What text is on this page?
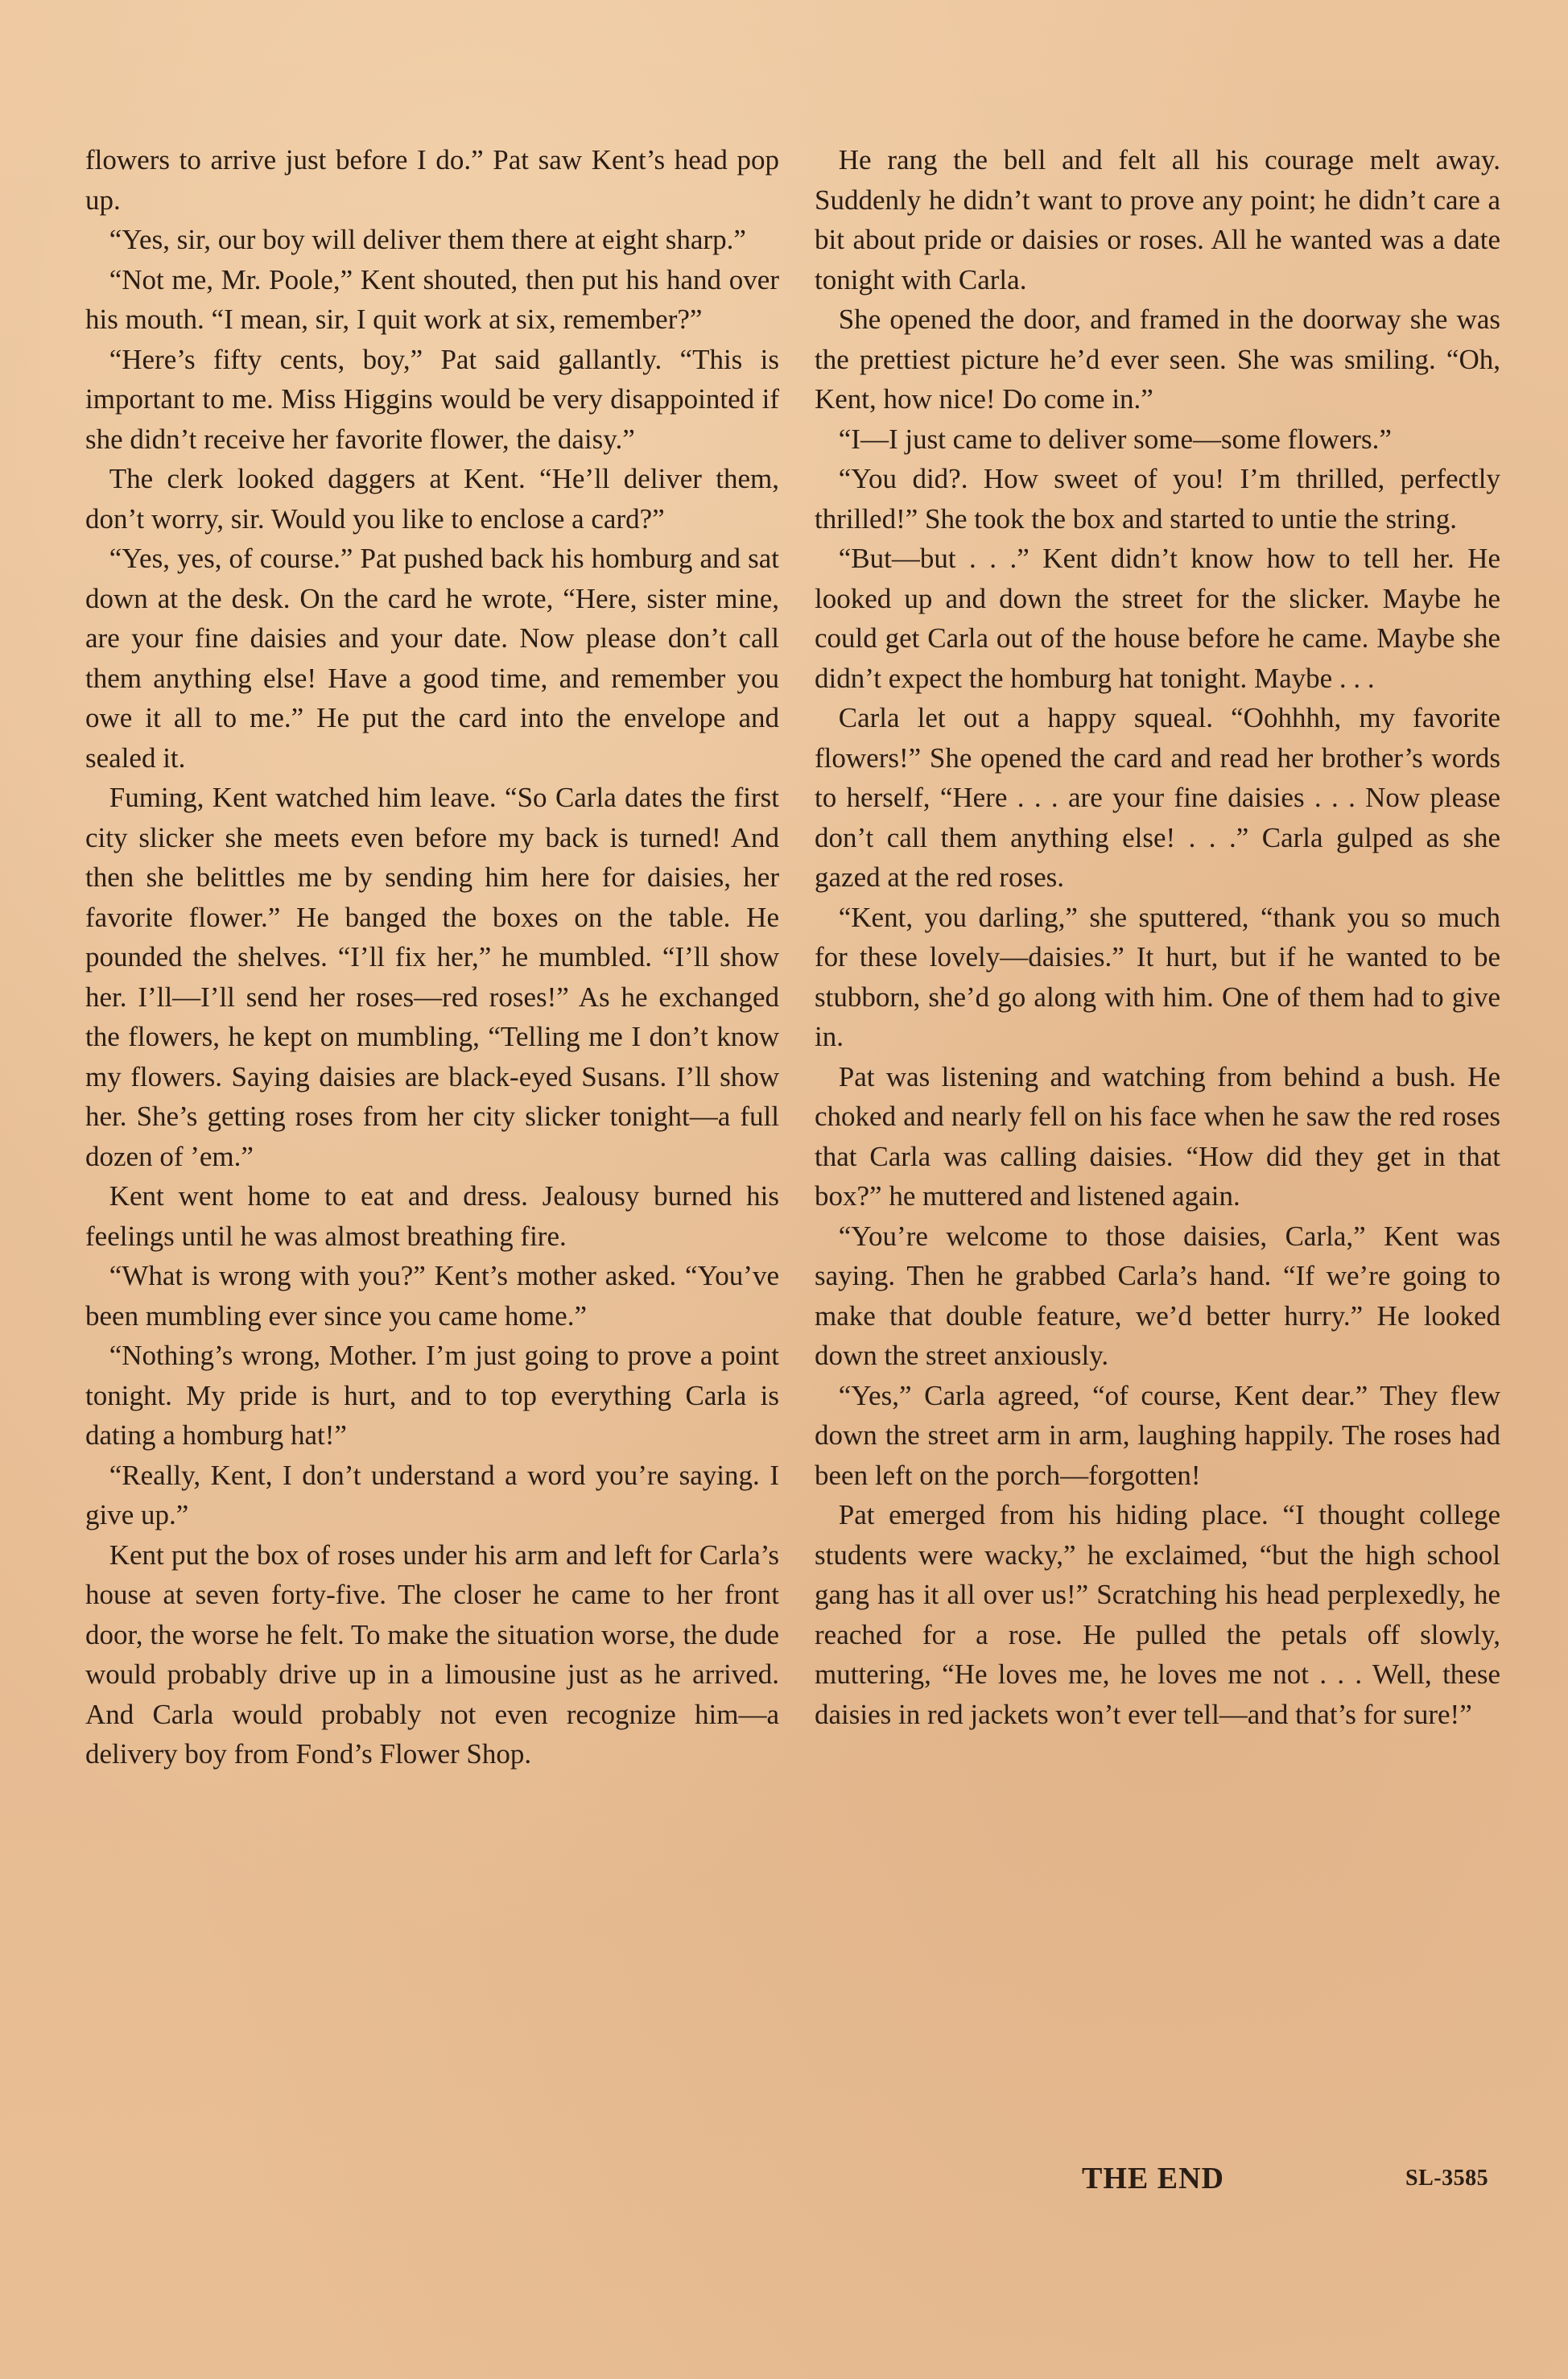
flowers to arrive just before I do.” Pat saw Kent’s head pop up.

“Yes, sir, our boy will deliver them there at eight sharp.”

“Not me, Mr. Poole,” Kent shouted, then put his hand over his mouth. “I mean, sir, I quit work at six, remember?”

“Here’s fifty cents, boy,” Pat said gallantly. “This is important to me. Miss Higgins would be very disappointed if she didn’t receive her favorite flower, the daisy.”

The clerk looked daggers at Kent. “He’ll deliver them, don’t worry, sir. Would you like to enclose a card?”

“Yes, yes, of course.” Pat pushed back his homburg and sat down at the desk. On the card he wrote, “Here, sister mine, are your fine daisies and your date. Now please don’t call them anything else! Have a good time, and remember you owe it all to me.” He put the card into the envelope and sealed it.

Fuming, Kent watched him leave. “So Carla dates the first city slicker she meets even before my back is turned! And then she belittles me by sending him here for daisies, her favorite flower.” He banged the boxes on the table. He pounded the shelves. “I’ll fix her,” he mumbled. “I’ll show her. I’ll—I’ll send her roses—red roses!” As he exchanged the flowers, he kept on mumbling, “Telling me I don’t know my flowers. Saying daisies are black-eyed Susans. I’ll show her. She’s getting roses from her city slicker tonight—a full dozen of ’em.”

Kent went home to eat and dress. Jealousy burned his feelings until he was almost breathing fire.

“What is wrong with you?” Kent’s mother asked. “You’ve been mumbling ever since you came home.”

“Nothing’s wrong, Mother. I’m just going to prove a point tonight. My pride is hurt, and to top everything Carla is dating a homburg hat!”

“Really, Kent, I don’t understand a word you’re saying. I give up.”

Kent put the box of roses under his arm and left for Carla’s house at seven forty-five. The closer he came to her front door, the worse he felt. To make the situation worse, the dude would probably drive up in a limousine just as he arrived. And Carla would probably not even recognize him—a delivery boy from Fond’s Flower Shop.

He rang the bell and felt all his courage melt away. Suddenly he didn’t want to prove any point; he didn’t care a bit about pride or daisies or roses. All he wanted was a date tonight with Carla.

She opened the door, and framed in the doorway she was the prettiest picture he’d ever seen. She was smiling. “Oh, Kent, how nice! Do come in.”

“I—I just came to deliver some—some flowers.”

“You did?. How sweet of you! I’m thrilled, perfectly thrilled!” She took the box and started to untie the string.

“But—but . . .” Kent didn’t know how to tell her. He looked up and down the street for the slicker. Maybe he could get Carla out of the house before he came. Maybe she didn’t expect the homburg hat tonight. Maybe . . .

Carla let out a happy squeal. “Oohhhh, my favorite flowers!” She opened the card and read her brother’s words to herself, “Here . . . are your fine daisies . . . Now please don’t call them anything else! . . .” Carla gulped as she gazed at the red roses.

“Kent, you darling,” she sputtered, “thank you so much for these lovely—daisies.” It hurt, but if he wanted to be stubborn, she’d go along with him. One of them had to give in.

Pat was listening and watching from behind a bush. He choked and nearly fell on his face when he saw the red roses that Carla was calling daisies. “How did they get in that box?” he muttered and listened again.

“You’re welcome to those daisies, Carla,” Kent was saying. Then he grabbed Carla’s hand. “If we’re going to make that double feature, we’d better hurry.” He looked down the street anxiously.

“Yes,” Carla agreed, “of course, Kent dear.” They flew down the street arm in arm, laughing happily. The roses had been left on the porch—forgotten!

Pat emerged from his hiding place. “I thought college students were wacky,” he exclaimed, “but the high school gang has it all over us!” Scratching his head perplexedly, he reached for a rose. He pulled the petals off slowly, muttering, “He loves me, he loves me not . . . Well, these daisies in red jackets won’t ever tell—and that’s for sure!”

THE END	SL-3585
